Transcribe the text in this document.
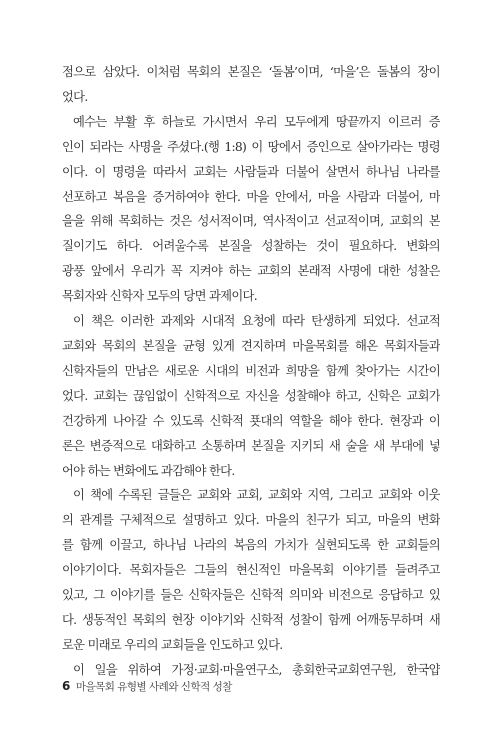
점으로 삼았다. 이처럼 목회의 본질은 ‘돌봄’이며, ‘마을’은 돌봄의 장이
었다.
예수는 부활 후 하늘로 가시면서 우리 모두에게 땅끝까지 이르러 증
인이 되라는 사명을 주셨다.(행 1:8) 이 땅에서 증인으로 살아가라는 명령
이다. 이 명령을 따라서 교회는 사람들과 더불어 살면서 하나님 나라를
선포하고 복음을 증거하여야 한다. 마을 안에서, 마을 사람과 더불어, 마
을을 위해 목회하는 것은 성서적이며, 역사적이고 선교적이며, 교회의 본
질이기도 하다. 어려울수록 본질을 성찰하는 것이 필요하다. 변화의
광풍 앞에서 우리가 꼭 지켜야 하는 교회의 본래적 사명에 대한 성찰은
목회자와 신학자 모두의 당면 과제이다.
이 책은 이러한 과제와 시대적 요청에 따라 탄생하게 되었다. 선교적
교회와 목회의 본질을 균형 있게 견지하며 마을목회를 해온 목회자들과
신학자들의 만남은 새로운 시대의 비전과 희망을 함께 찾아가는 시간이
었다. 교회는 끊임없이 신학적으로 자신을 성찰해야 하고, 신학은 교회가
건강하게 나아갈 수 있도록 신학적 푯대의 역할을 해야 한다. 현장과 이
론은 변증적으로 대화하고 소통하며 본질을 지키되 새 술을 새 부대에 넣
어야 하는 변화에도 과감해야 한다.
이 책에 수록된 글들은 교회와 교회, 교회와 지역, 그리고 교회와 이웃
의 관계를 구체적으로 설명하고 있다. 마을의 친구가 되고, 마을의 변화
를 함께 이끌고, 하나님 나라의 복음의 가치가 실현되도록 한 교회들의
이야기이다. 목회자들은 그들의 현신적인 마을목회 이야기를 들려주고
있고, 그 이야기를 들은 신학자들은 신학적 의미와 비전으로 응답하고 있
다. 생동적인 목회의 현장 이야기와 신학적 성찰이 함께 어깨동무하며 새
로운 미래로 우리의 교회들을 인도하고 있다.
이 일을 위하여 가정·교회·마을연구소, 총회한국교회연구원, 한국얍
6 마을목회 유형별 사례와 신학적 성찰
